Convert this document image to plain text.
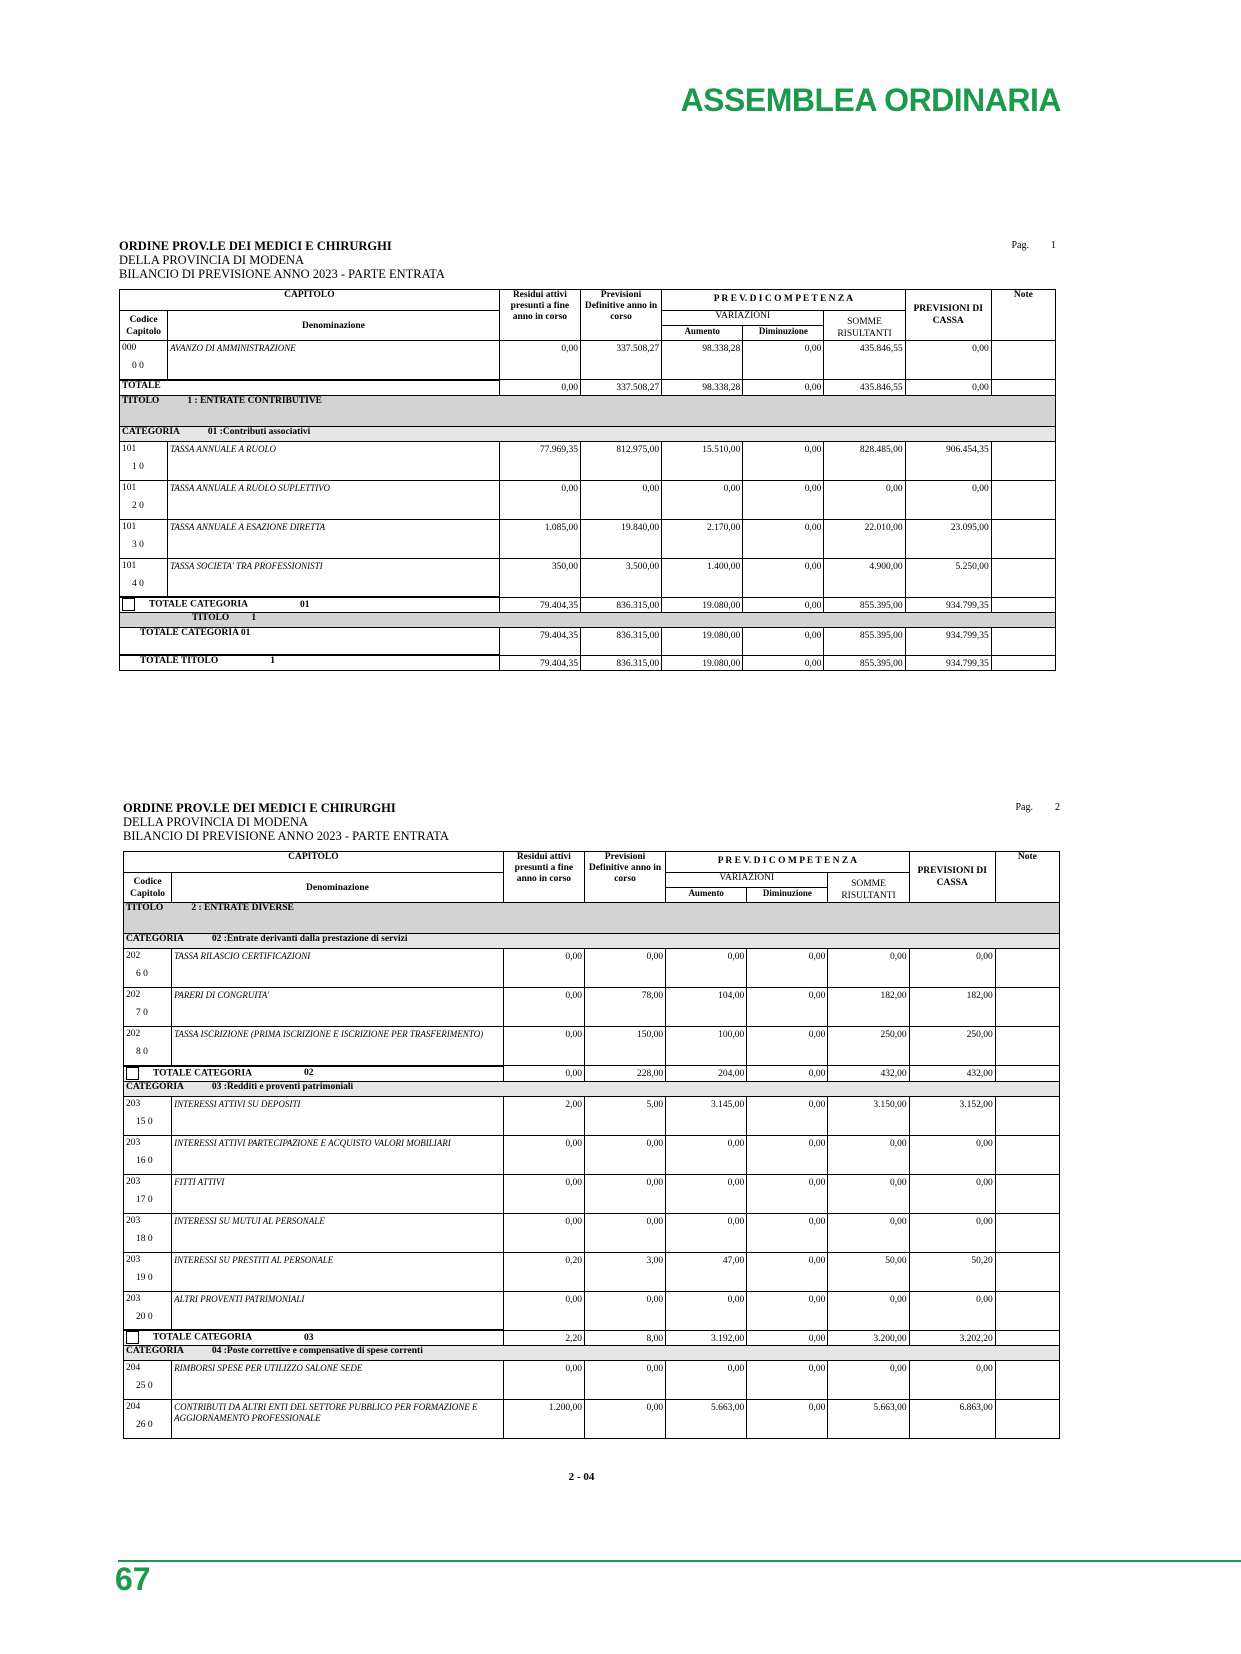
ASSEMBLEA ORDINARIA
ORDINE PROV.LE DEI MEDICI E CHIRURGHI
DELLA PROVINCIA DI MODENA
BILANCIO DI PREVISIONE ANNO 2023 - PARTE ENTRATA
Pag. 1
CAPITOLO		Residui attivi presunti a fine anno in corso	Previsioni Definitive anno in corso	P R E V. D I C O M P E T E N Z A			PREVISIONI DI CASSA	Note
Codice Capitolo	Denominazione			VARIAZIONI		SOMME RISULTANTI		
				Aumento	Diminuzione			
000
0 0	AVANZO DI AMMINISTRAZIONE	0,00	337.508,27	98.338,28	0,00	435.846,55	0,00	
TOTALE		0,00	337.508,27	98.338,28	0,00	435.846,55	0,00	
TITOLO 1 : ENTRATE CONTRIBUTIVE								
CATEGORIA 01 :Contributi associativi								
101
1 0	TASSA ANNUALE A RUOLO	77.969,35	812.975,00	15.510,00	0,00	828.485,00	906.454,35	
101
2 0	TASSA ANNUALE A RUOLO SUPLETTIVO	0,00	0,00	0,00	0,00	0,00	0,00	
101
3 0	TASSA ANNUALE A ESAZIONE DIRETTA	1.085,00	19.840,00	2.170,00	0,00	22.010,00	23.095,00	
101
4 0	TASSA SOCIETA' TRA PROFESSIONISTI	350,00	3.500,00	1.400,00	0,00	4.900,00	5.250,00	
TOTALE CATEGORIA 01		79.404,35	836.315,00	19.080,00	0,00	855.395,00	934.799,35	
TITOLO 1								
TOTALE CATEGORIA 01		79.404,35	836.315,00	19.080,00	0,00	855.395,00	934.799,35	
TOTALE TITOLO 1		79.404,35	836.315,00	19.080,00	0,00	855.395,00	934.799,35	
ORDINE PROV.LE DEI MEDICI E CHIRURGHI
DELLA PROVINCIA DI MODENA
BILANCIO DI PREVISIONE ANNO 2023 - PARTE ENTRATA
Pag. 2
CAPITOLO		Residui attivi presunti a fine anno in corso	Previsioni Definitive anno in corso	P R E V. D I C O M P E T E N Z A			PREVISIONI DI CASSA	Note
Codice Capitolo	Denominazione			VARIAZIONI		SOMME RISULTANTI		
				Aumento	Diminuzione			
TITOLO 2 : ENTRATE DIVERSE								
CATEGORIA 02 :Entrate derivanti dalla prestazione di servizi								
202
6 0	TASSA RILASCIO CERTIFICAZIONI	0,00	0,00	0,00	0,00	0,00	0,00	
202
7 0	PARERI DI CONGRUITA'	0,00	78,00	104,00	0,00	182,00	182,00	
202
8 0	TASSA ISCRIZIONE (PRIMA ISCRIZIONE E ISCRIZIONE PER TRASFERIMENTO)	0,00	150,00	100,00	0,00	250,00	250,00	
TOTALE CATEGORIA 02		0,00	228,00	204,00	0,00	432,00	432,00	
CATEGORIA 03 :Redditi e proventi patrimoniali								
203
15 0	INTERESSI ATTIVI SU DEPOSITI	2,00	5,00	3.145,00	0,00	3.150,00	3.152,00	
203
16 0	INTERESSI ATTIVI PARTECIPAZIONE E ACQUISTO VALORI MOBILIARI	0,00	0,00	0,00	0,00	0,00	0,00	
203
17 0	FITTI ATTIVI	0,00	0,00	0,00	0,00	0,00	0,00	
203
18 0	INTERESSI SU MUTUI AL PERSONALE	0,00	0,00	0,00	0,00	0,00	0,00	
203
19 0	INTERESSI SU PRESTITI AL PERSONALE	0,20	3,00	47,00	0,00	50,00	50,20	
203
20 0	ALTRI PROVENTI PATRIMONIALI	0,00	0,00	0,00	0,00	0,00	0,00	
TOTALE CATEGORIA 03		2,20	8,00	3.192,00	0,00	3.200,00	3.202,20	
CATEGORIA 04 :Poste correttive e compensative di spese correnti								
204
25 0	RIMBORSI SPESE PER UTILIZZO SALONE SEDE	0,00	0,00	0,00	0,00	0,00	0,00	
204
26 0	CONTRIBUTI DA ALTRI ENTI DEL SETTORE PUBBLICO PER FORMAZIONE E AGGIORNAMENTO PROFESSIONALE	1.200,00	0,00	5.663,00	0,00	5.663,00	6.863,00	
2 - 04
67
